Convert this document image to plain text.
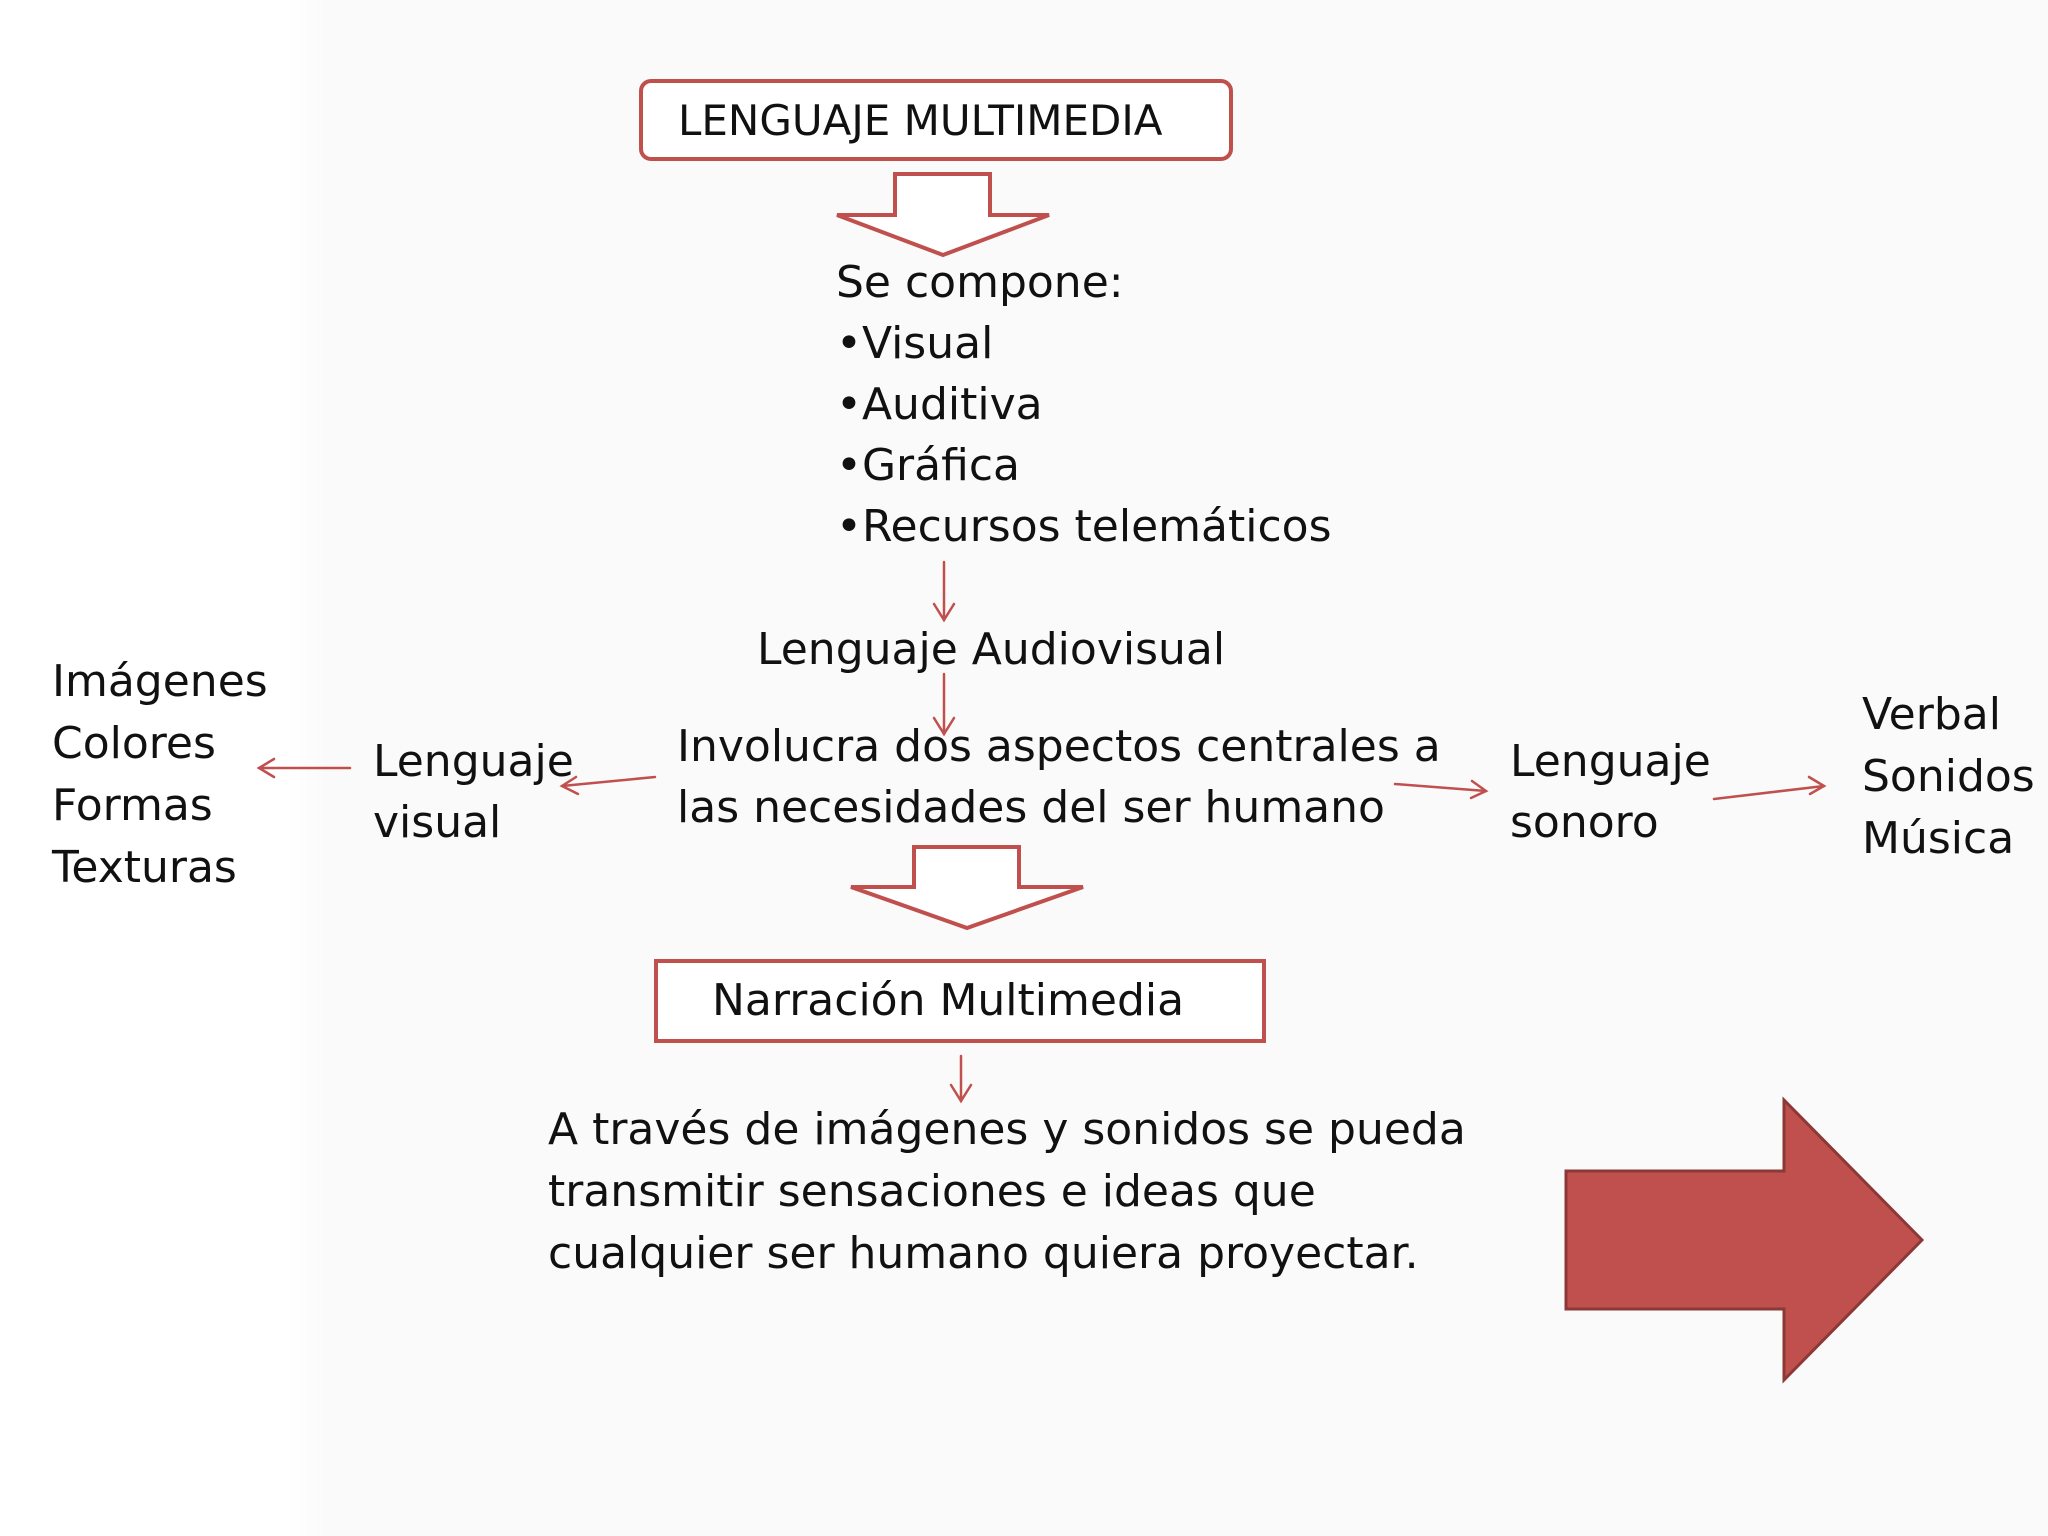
LENGUAJE MULTIMEDIA
Se compone:
•Visual
•Auditiva
•Gráfica
•Recursos telemáticos
Lenguaje Audiovisual
Involucra dos aspectos centrales a
las necesidades del ser humano
Lenguaje
visual
Imágenes
Colores
Formas
Texturas
Lenguaje
sonoro
Verbal
Sonidos
Música
Narración Multimedia
A través de imágenes y sonidos se pueda
transmitir sensaciones e ideas que
cualquier ser humano quiera proyectar.
